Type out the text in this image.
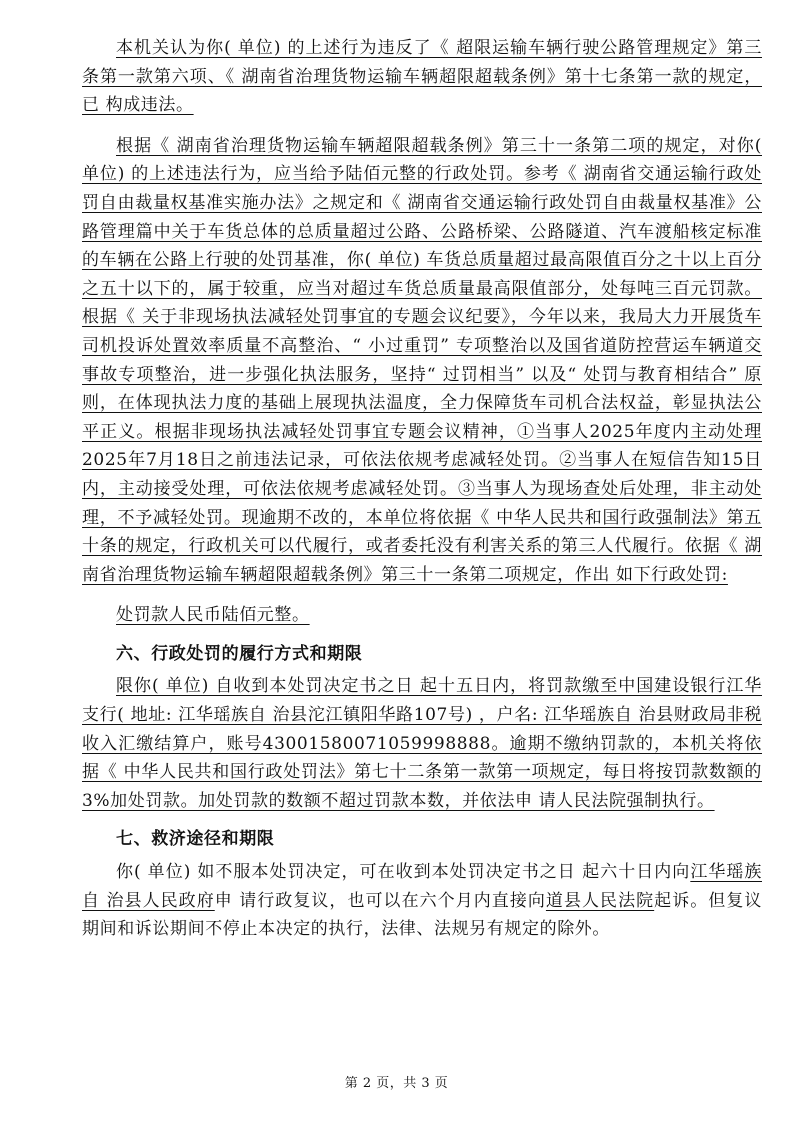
本机关认为你( 单位) 的上述行为违反了《 超限运输车辆行驶公路管理规定》第三条第一款第六项、《 湖南省治理货物运输车辆超限超载条例》第十七条第一款的规定，已 构成违法。

根据《 湖南省治理货物运输车辆超限超载条例》第三十一条第二项的规定，对你( 单位) 的上述违法行为，应当给予陆佰元整的行政处罚。参考《 湖南省交通运输行政处罚自由裁量权基准实施办法》之规定和《 湖南省交通运输行政处罚自由裁量权基准》公路管理篇中关于车货总体的总质量超过公路、公路桥梁、公路隧道、汽车渡船核定标准的车辆在公路上行驶的处罚基准，你( 单位) 车货总质量超过最高限值百分之十以上百分之五十以下的，属于较重，应当对超过车货总质量最高限值部分，处每吨三百元罚款。根据《 关于非现场执法减轻处罚事宜的专题会议纪要》，今年以来，我局大力开展货车司机投诉处置效率质量不高整治、“ 小过重罚” 专项整治以及国省道防控营运车辆道交事故专项整治，进一步强化执法服务，坚持“ 过罚相当” 以及“ 处罚与教育相结合” 原则，在体现执法力度的基础上展现执法温度，全力保障货车司机合法权益，彰显执法公平正义。根据非现场执法减轻处罚事宜专题会议精神，①当事人2025年度内主动处理2025年7月18日之前违法记录，可依法依规考虑减轻处罚。②当事人在短信告知15日内，主动接受处理，可依法依规考虑减轻处罚。③当事人为现场查处后处理，非主动处理，不予减轻处罚。现逾期不改的，本单位将依据《 中华人民共和国行政强制法》第五十条的规定，行政机关可以代履行，或者委托没有利害关系的第三人代履行。依据《 湖南省治理货物运输车辆超限超载条例》第三十一条第二项规定，作出 如下行政处罚:

处罚款人民币陆佰元整。

六、行政处罚的履行方式和期限

限你( 单位) 自收到本处罚决定书之日 起十五日内，将罚款缴至中国建设银行江华支行( 地址: 江华瑶族自 治县沱江镇阳华路107号) ，户名: 江华瑶族自 治县财政局非税收入汇缴结算户，账号43001580071059998888。逾期不缴纳罚款的，本机关将依据《 中华人民共和国行政处罚法》第七十二条第一款第一项规定，每日将按罚款数额的3%加处罚款。加处罚款的数额不超过罚款本数，并依法申 请人民法院强制执行。

七、救济途径和期限

你( 单位) 如不服本处罚决定，可在收到本处罚决定书之日 起六十日内向江华瑶族自 治县人民政府申 请行政复议，也可以在六个月内直接向道县人民法院起诉。但复议期间和诉讼期间不停止本决定的执行，法律、法规另有规定的除外。

第 2 页，共 3 页
